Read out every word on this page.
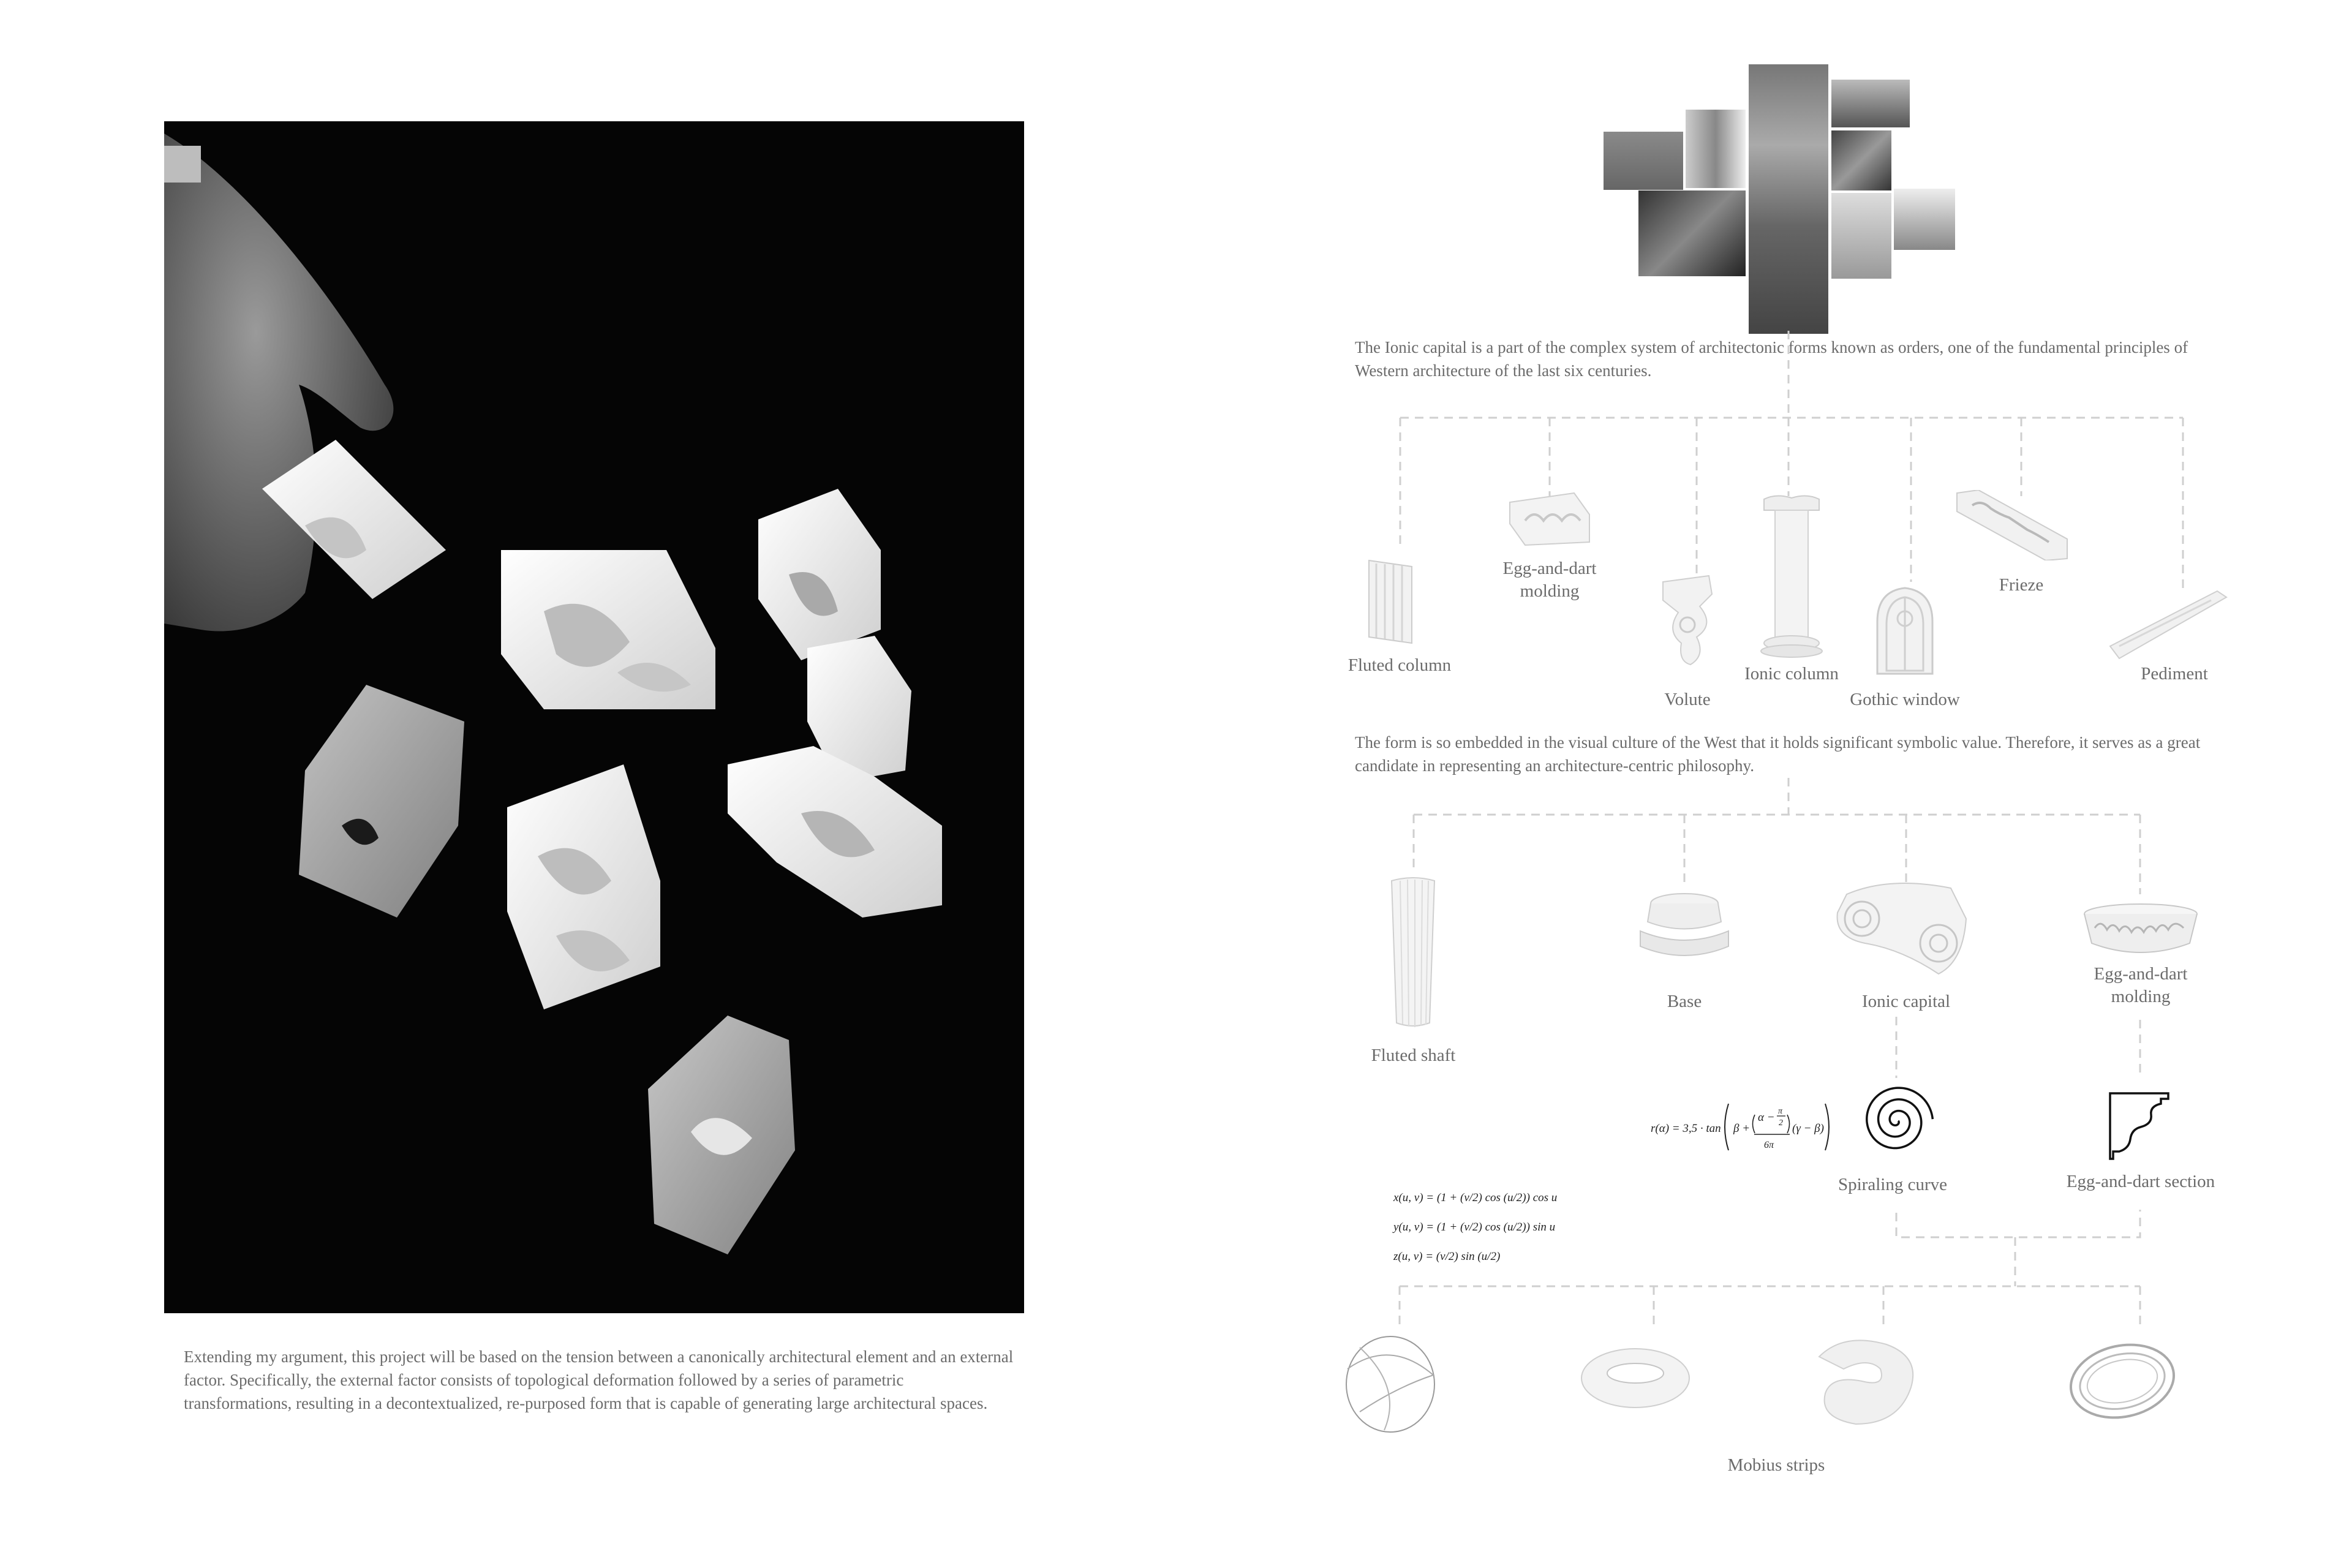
Extending my argument, this project will be based on the tension between a canonically architectural element and an external factor. Specifically, the external factor consists of topological deformation followed by a series of parametric transformations, resulting in a decontextualized, re-purposed form that is capable of generating large architectural spaces.
The Ionic capital is a part of the complex system of architectonic forms known as orders, one of the fundamental principles of Western architecture of the last six centuries.
Fluted column
Egg-and-dart molding
Volute
Ionic column
Gothic window
Frieze
Pediment
The form is so embedded in the visual culture of the West that it holds significant symbolic value. Therefore, it serves as a great candidate in representing an architecture-centric philosophy.
Fluted shaft
Base	Ionic capital
Egg-and-dart molding
r(α) = 3,5 · tan β +
α − π
2
6π
(γ − β)
Spiraling curve	Egg-and-dart section
x(u, v) = (1 + (v/2) cos (u/2)) cos u
y(u, v) = (1 + (v/2) cos (u/2)) sin u
z(u, v) = (v/2) sin (u/2)
Mobius strips
